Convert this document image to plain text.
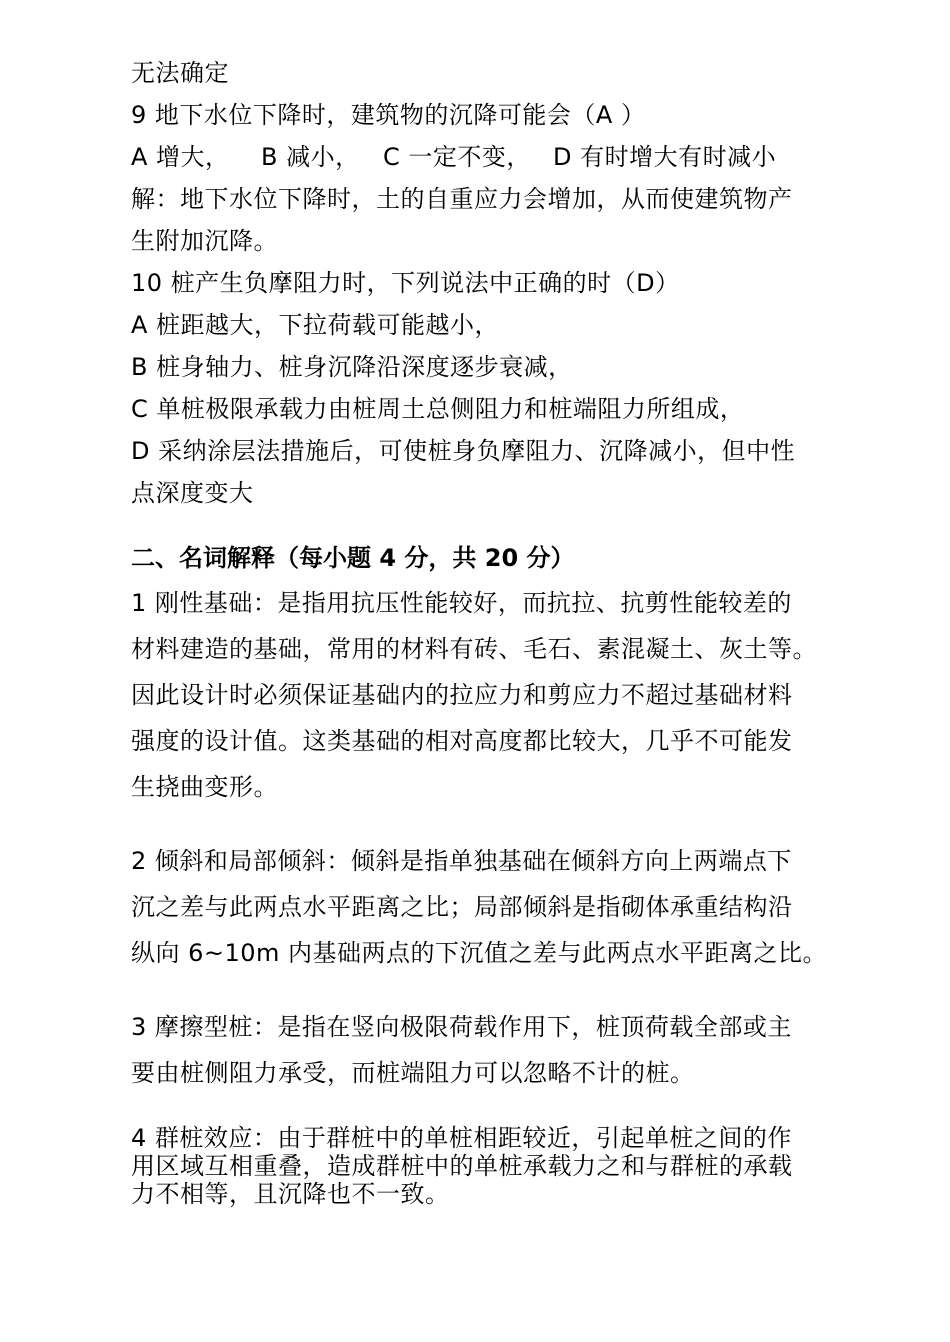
无法确定
9 地下水位下降时，建筑物的沉降可能会（A ）
A 增大， B 减小， C 一定不变， D 有时增大有时减小
解：地下水位下降时，土的自重应力会增加，从而使建筑物产
生附加沉降。
10 桩产生负摩阻力时，下列说法中正确的时（D）
A 桩距越大，下拉荷载可能越小，
B 桩身轴力、桩身沉降沿深度逐步衰减，
C 单桩极限承载力由桩周土总侧阻力和桩端阻力所组成，
D 采纳涂层法措施后，可使桩身负摩阻力、沉降减小，但中性
点深度变大
二、名词解释（每小题 4 分，共 20 分）
1 刚性基础：是指用抗压性能较好，而抗拉、抗剪性能较差的
材料建造的基础，常用的材料有砖、毛石、素混凝土、灰土等。
因此设计时必须保证基础内的拉应力和剪应力不超过基础材料
强度的设计值。这类基础的相对高度都比较大，几乎不可能发
生挠曲变形。
2 倾斜和局部倾斜：倾斜是指单独基础在倾斜方向上两端点下
沉之差与此两点水平距离之比；局部倾斜是指砌体承重结构沿
纵向 6~10m 内基础两点的下沉值之差与此两点水平距离之比。
3 摩擦型桩：是指在竖向极限荷载作用下，桩顶荷载全部或主
要由桩侧阻力承受，而桩端阻力可以忽略不计的桩。
4 群桩效应：由于群桩中的单桩相距较近，引起单桩之间的作
用区域互相重叠，造成群桩中的单桩承载力之和与群桩的承载
力不相等，且沉降也不一致。
